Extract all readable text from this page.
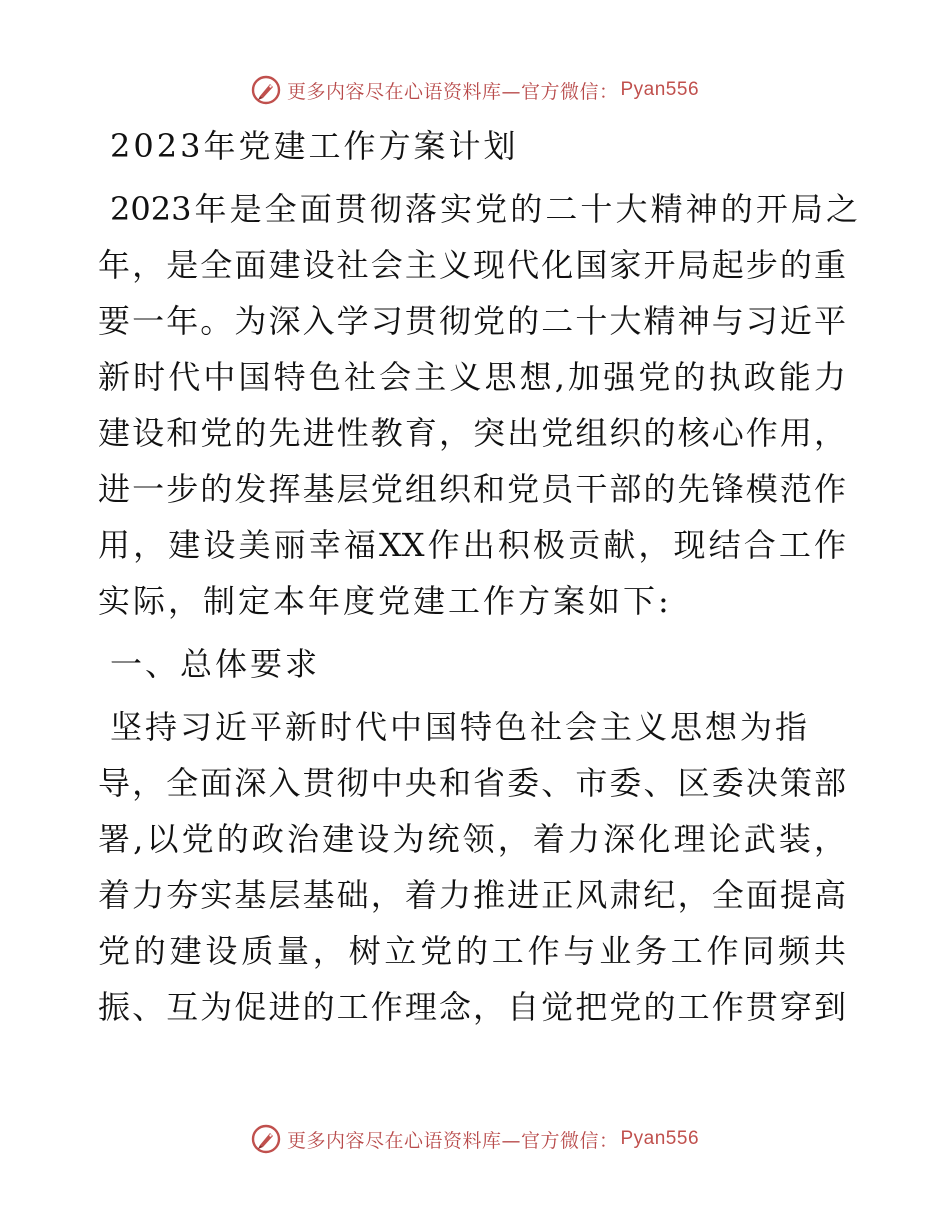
更多内容尽在心语资料库—官方微信： Pyan556
2023年党建工作方案计划
2023年是全面贯彻落实党的二十大精神的开局之
年，是全面建设社会主义现代化国家开局起步的重
要一年。为深入学习贯彻党的二十大精神与习近平
新时代中国特色社会主义思想,加强党的执政能力
建设和党的先进性教育，突出党组织的核心作用，
进一步的发挥基层党组织和党员干部的先锋模范作
用，建设美丽幸福XX作出积极贡献，现结合工作
实际，制定本年度党建工作方案如下:
一、总体要求
坚持习近平新时代中国特色社会主义思想为指
导，全面深入贯彻中央和省委、市委、区委决策部
署,以党的政治建设为统领，着力深化理论武装，
着力夯实基层基础，着力推进正风肃纪，全面提高
党的建设质量，树立党的工作与业务工作同频共
振、互为促进的工作理念，自觉把党的工作贯穿到
更多内容尽在心语资料库—官方微信： Pyan556
